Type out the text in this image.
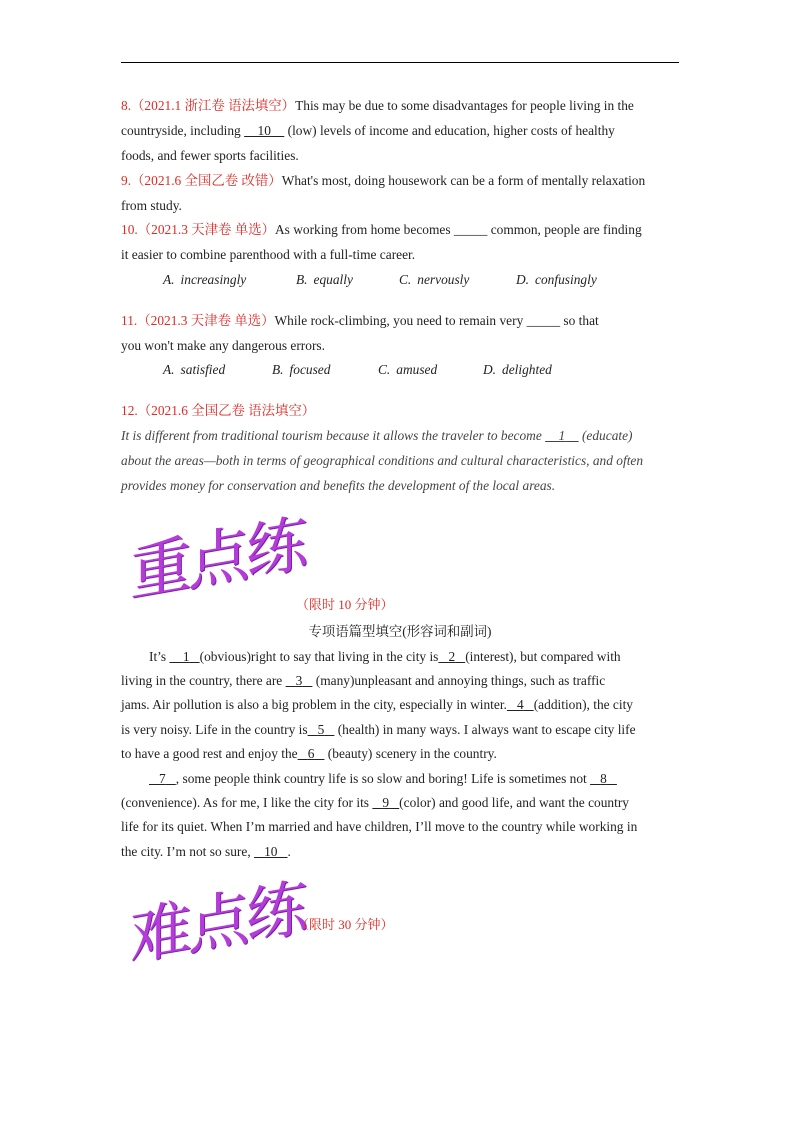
8.（2021.1 浙江卷 语法填空）This may be due to some disadvantages for people living in the
countryside, including     10     (low) levels of income and education, higher costs of healthy
foods, and fewer sports facilities.
9.（2021.6 全国乙卷 改错）What's most, doing housework can be a form of mentally relaxation
from study.
10.（2021.3 天津卷 单选）As working from home becomes _____ common, people are finding
it easier to combine parenthood with a full-time career.
A. increasingly	B. equally	C. nervously	D. confusingly
11.（2021.3 天津卷 单选）While rock-climbing, you need to remain very _____ so that
you won't make any dangerous errors.
A. satisfied	B. focused	C. amused	D. delighted
12.（2021.6 全国乙卷 语法填空）
It is different from traditional tourism because it allows the traveler to become     1     (educate)
about the areas—both in terms of geographical conditions and cultural characteristics, and often
provides money for conservation and benefits the development of the local areas.
重点练
（限时 10 分钟）
专项语篇型填空(形容词和副词)
It’s     1 (obvious)right to say that living in the city is 2 (interest), but compared with
living in the country, there are    3    (many)unpleasant and annoying things, such as traffic
jams. Air pollution is also a big problem in the city, especially in winter. 4 (addition), the city
is very noisy. Life in the country is 5    (health) in many ways. I always want to escape city life
to have a good rest and enjoy the 6    (beauty) scenery in the country.
7 , some people think country life is so slow and boring! Life is sometimes not    8
(convenience). As for me, I like the city for its    9 (color) and good life, and want the country
life for its quiet. When I’m married and have children, I’ll move to the country while working in
the city. I’m not so sure,    10 .
难点练
（限时 30 分钟）
